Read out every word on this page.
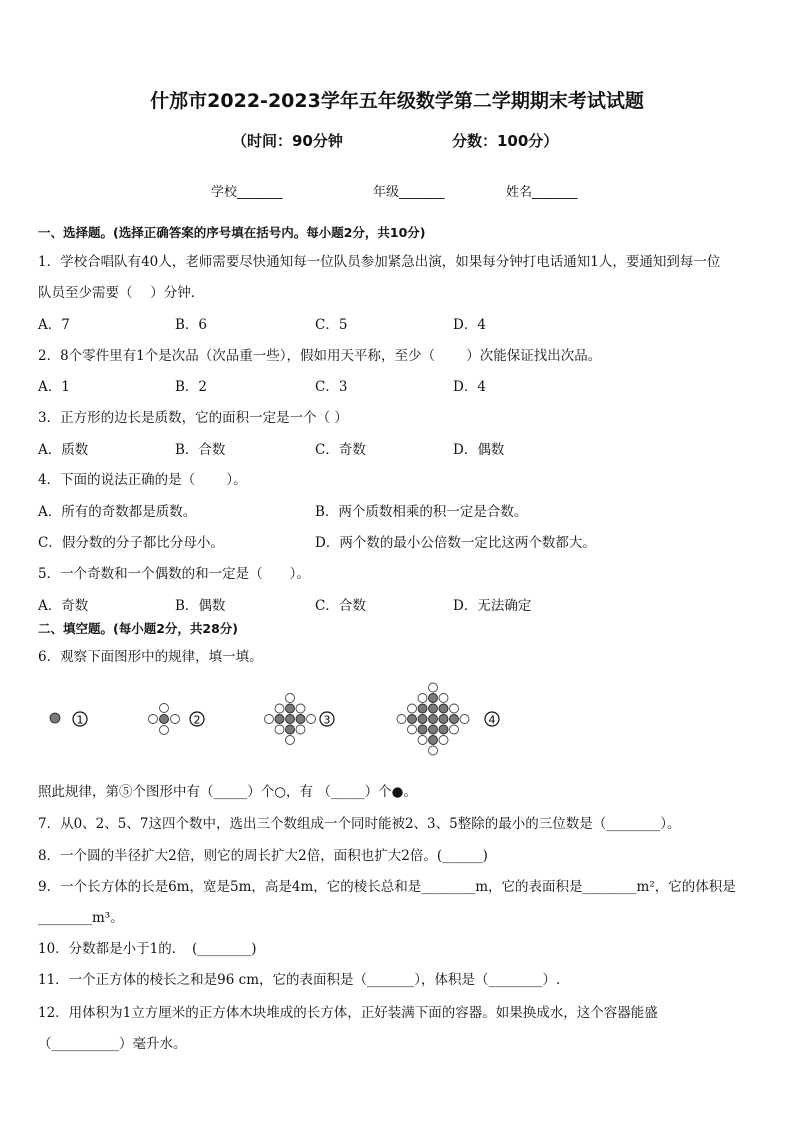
什邡市2022-2023学年五年级数学第二学期期末考试试题
（时间：90分钟	分数：100分）
学校_______	年级_______	姓名_______
一、选择题。(选择正确答案的序号填在括号内。每小题2分，共10分)
1．学校合唱队有40人，老师需要尽快通知每一位队员参加紧急出演，如果每分钟打电话通知1人，要通知到每一位
队员至少需要（　 ）分钟．
A．7	B．6	C．5	D．4
2．8个零件里有1个是次品（次品重一些），假如用天平称，至少（　　 ）次能保证找出次品。
A．1	B．2	C．3	D．4
3．正方形的边长是质数，它的面积一定是一个（ ）
A．质数	B．合数	C．奇数	D．偶数
4．下面的说法正确的是（　　 ）。
A．所有的奇数都是质数。	B．两个质数相乘的积一定是合数。
C．假分数的分子都比分母小。	D．两个数的最小公倍数一定比这两个数都大。
5．一个奇数和一个偶数的和一定是（　　）。
A．奇数	B．偶数	C．合数	D．无法确定
二、填空题。(每小题2分，共28分)
6．观察下面图形中的规律，填一填。
1	2	3	4
照此规律，第⑤个图形中有（_____）个○，有 （_____）个●。
7．从0、2、5、7这四个数中，选出三个数组成一个同时能被2、3、5整除的最小的三位数是（________）。
8．一个圆的半径扩大2倍，则它的周长扩大2倍，面积也扩大2倍。(______)
9．一个长方体的长是6m，宽是5m，高是4m，它的棱长总和是________m，它的表面积是________m²，它的体积是
________m³。
10．分数都是小于1的．　(________)
11．一个正方体的棱长之和是96 cm，它的表面积是（_______），体积是（________）.
12．用体积为1立方厘米的正方体木块堆成的长方体，正好装满下面的容器。如果换成水，这个容器能盛
（__________）毫升水。
